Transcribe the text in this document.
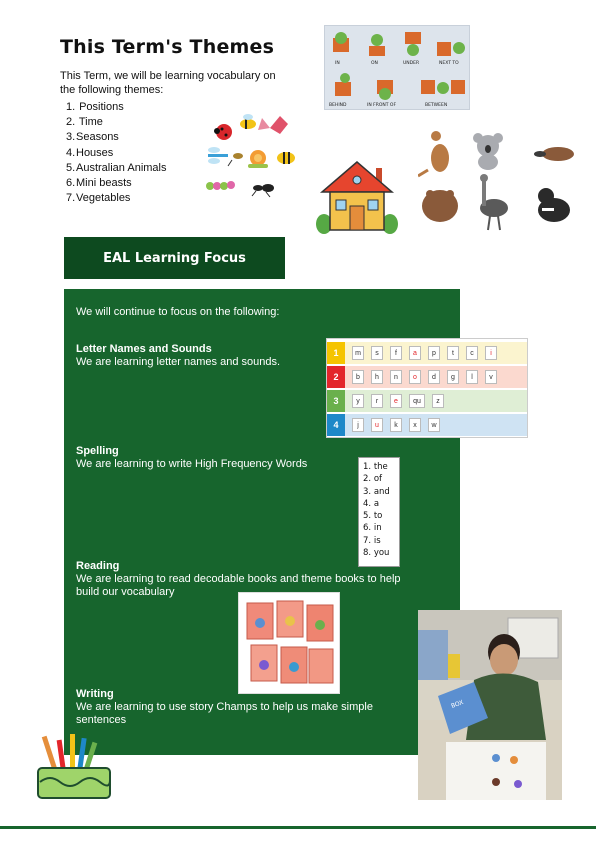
This Term's Themes
This Term, we will be learning vocabulary on the following themes:
1. Positions
2. Time
3.Seasons
4.Houses
5.Australian Animals
6.Mini beasts
7.Vegetables
IN	ON	UNDER	NEXT TO
BEHIND	IN FRONT OF	BETWEEN
EAL Learning Focus
We will continue to focus on the following:
Letter Names and Sounds
We are learning letter names and sounds.
Spelling
We are learning to write High Frequency Words
Reading
We are learning to read decodable books and theme books to help build our vocabulary
Writing
We are learning to use story Champs to help us make simple sentences
1	m	s	f	a	p	t	c	i
2	b	h	n	o	d	g	l	v
3	y	r	e	qu	z
4	j	u	k	x	w
1. the
2. of
3. and
4. a
5. to
6. in
7. is
8. you
BOX
